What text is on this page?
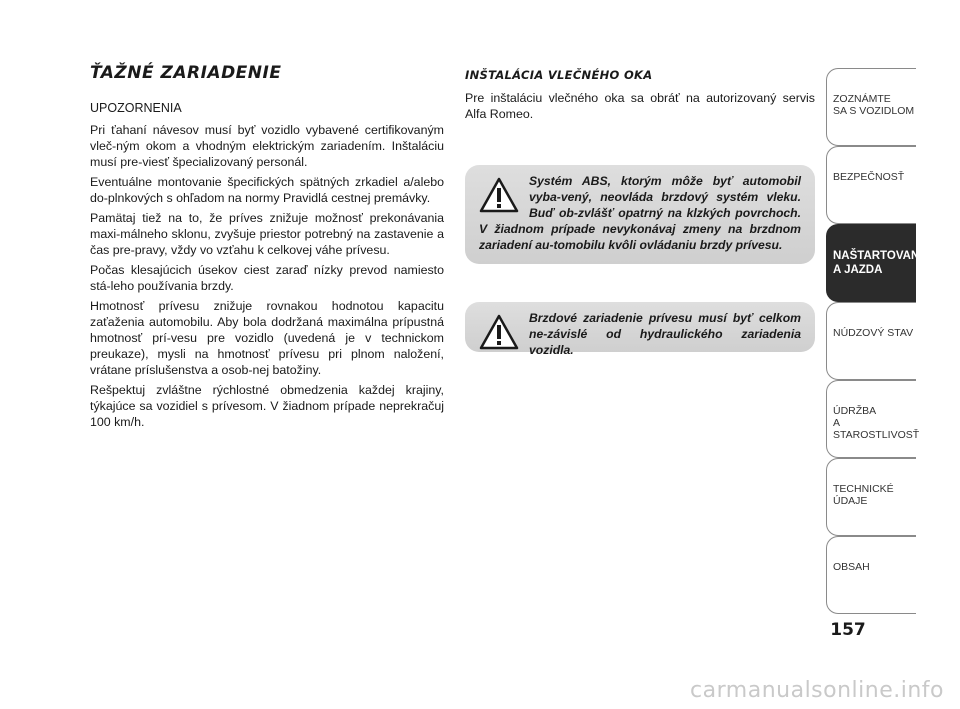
ŤAŽNÉ ZARIADENIE

UPOZORNENIA

Pri ťahaní návesov musí byť vozidlo vybavené certifikovaným vleč-ným okom a vhodným elektrickým zariadením. Inštaláciu musí pre-viesť špecializovaný personál.

Eventuálne montovanie špecifických spätných zrkadiel a/alebo do-plnkových s ohľadom na normy Pravidlá cestnej premávky.

Pamätaj tiež na to, že príves znižuje možnosť prekonávania maxi-málneho sklonu, zvyšuje priestor potrebný na zastavenie a čas pre-pravy, vždy vo vzťahu k celkovej váhe prívesu.

Počas klesajúcich úsekov ciest zaraď nízky prevod namiesto stá-leho používania brzdy.

Hmotnosť prívesu znižuje rovnakou hodnotou kapacitu zaťaženia automobilu. Aby bola dodržaná maximálna prípustná hmotnosť prí-vesu pre vozidlo (uvedená je v technickom preukaze), mysli na hmotnosť prívesu pri plnom naložení, vrátane príslušenstva a osob-nej batožiny.

Rešpektuj zvláštne rýchlostné obmedzenia každej krajiny, týkajúce sa vozidiel s prívesom. V žiadnom prípade neprekračuj 100 km/h.

INŠTALÁCIA VLEČNÉHO OKA

Pre inštaláciu vlečného oka sa obráť na autorizovaný servis Alfa Romeo.

Systém ABS, ktorým môže byť automobil vyba-vený, neovláda brzdový systém vleku. Buď ob-zvlášť opatrný na klzkých povrchoch. V žiadnom prípade nevykonávaj zmeny na brzdnom zariadení au-tomobilu kvôli ovládaniu brzdy prívesu.
Brzdové zariadenie prívesu musí byť celkom ne-závislé od hydraulického zariadenia vozidla.
ZOZNÁMTE
SA S VOZIDLOM
BEZPEČNOSŤ
NAŠTARTOVANIE
A JAZDA
NÚDZOVÝ STAV
ÚDRŽBA
A STAROSTLIVOSŤ
TECHNICKÉ
ÚDAJE
OBSAH
157
carmanualsonline.info
